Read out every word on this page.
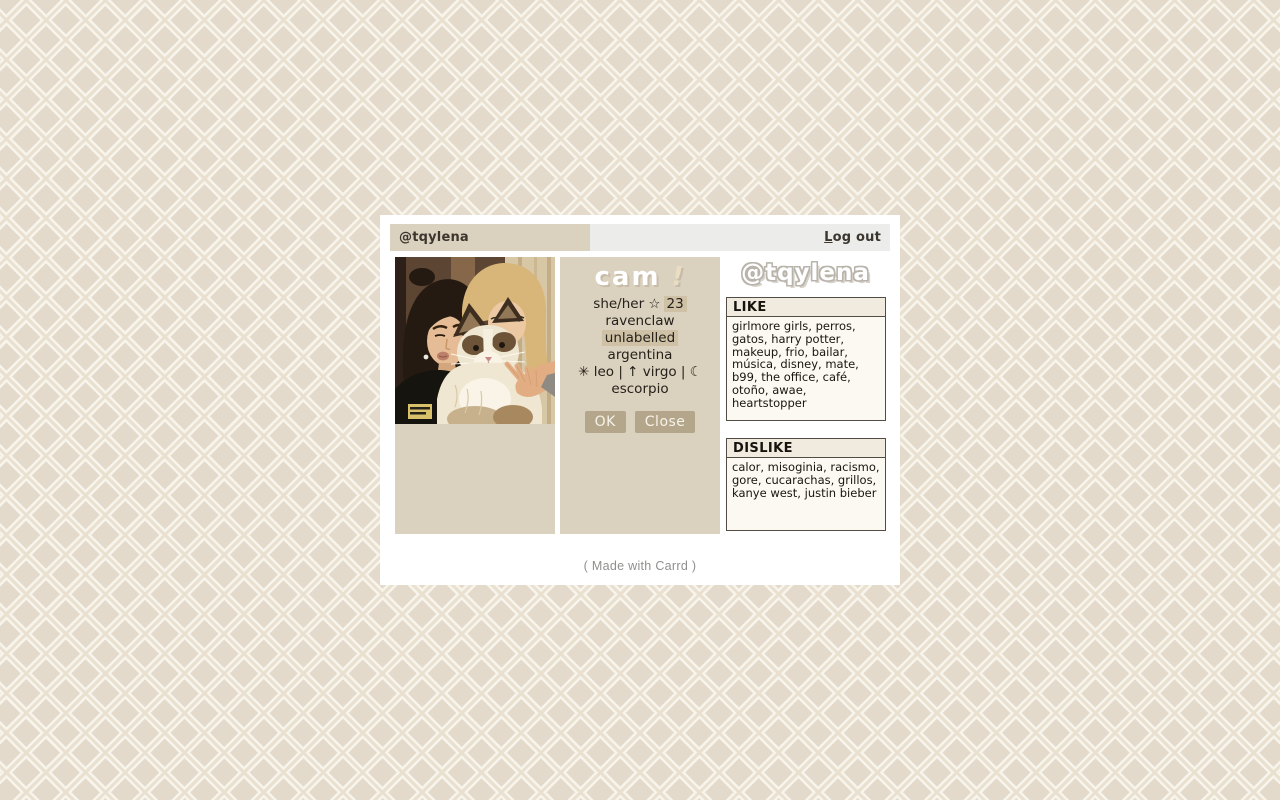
@tqylena	Log out
cam !
she/her ☆ 23
ravenclaw
unlabelled
argentina
✳ leo | ↑ virgo | ☾
escorpio
OK	Close
@tqylena
LIKE
girlmore girls, perros, gatos, harry potter, makeup, frio, bailar, música, disney, mate, b99, the office, café, otoño, awae, heartstopper
DISLIKE
calor, misoginia, racismo, gore, cucarachas, grillos, kanye west, justin bieber
( Made with Carrd )
